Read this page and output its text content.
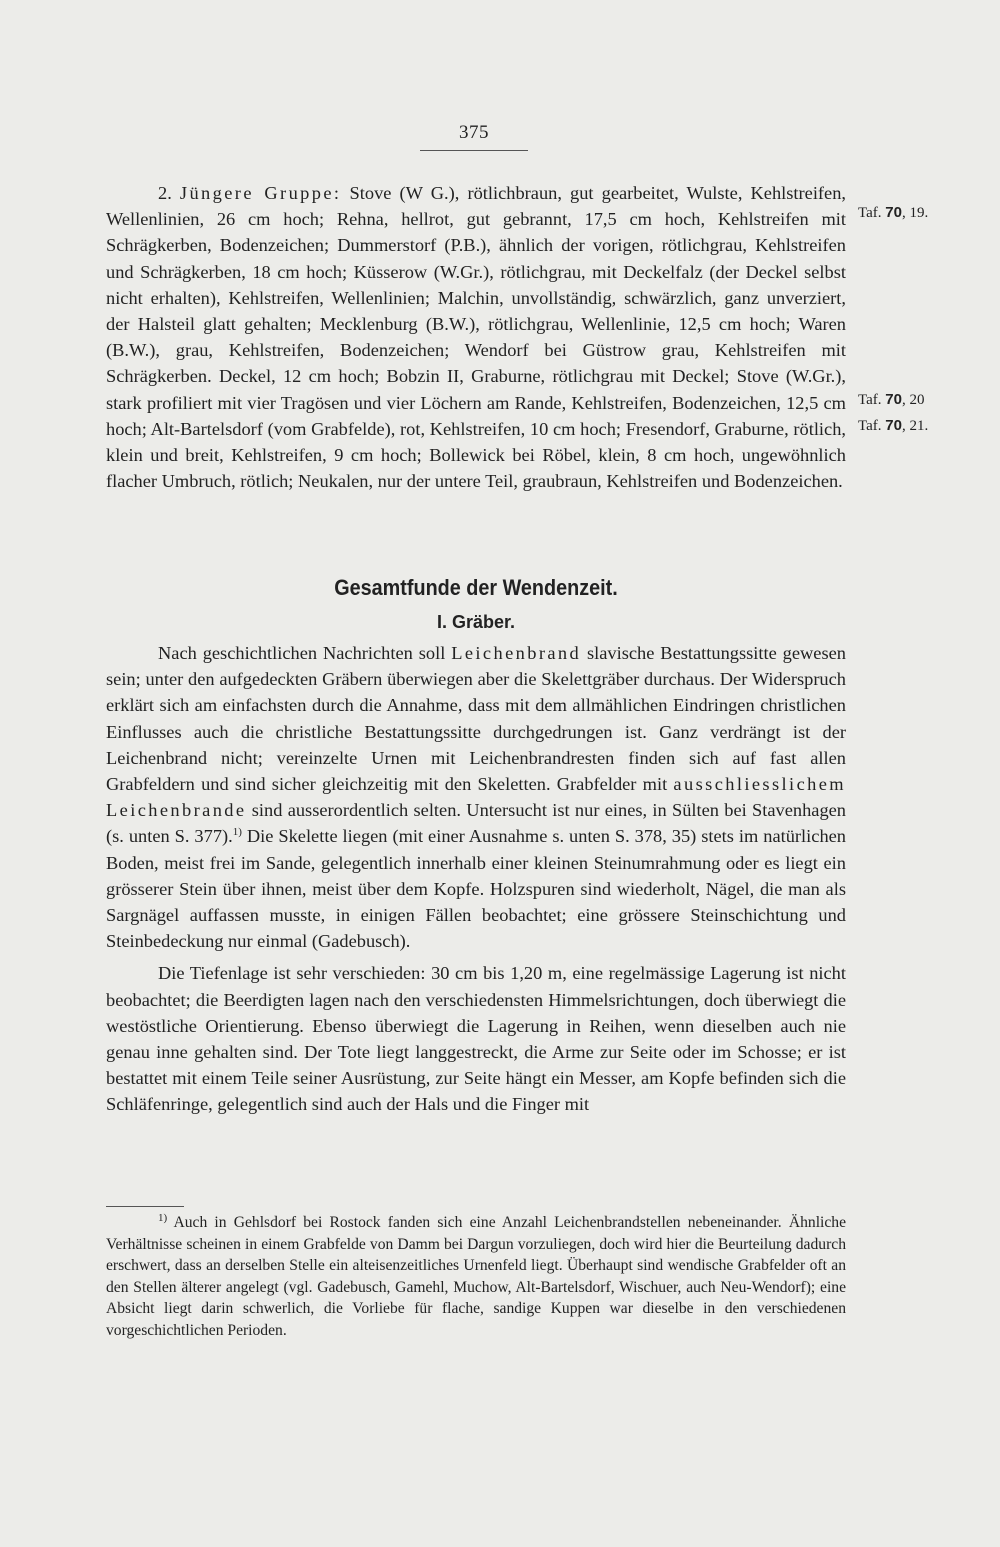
375

2. Jüngere Gruppe: Stove (W G.), rötlichbraun, gut gearbeitet, Wulste, Kehlstreifen, Wellenlinien, 26 cm hoch; Rehna, hellrot, gut gebrannt, 17,5 cm hoch, Kehlstreifen mit Schrägkerben, Bodenzeichen; Dummerstorf (P.B.), ähnlich der vorigen, rötlichgrau, Kehlstreifen und Schrägkerben, 18 cm hoch; Küsserow (W.Gr.), rötlichgrau, mit Deckelfalz (der Deckel selbst nicht erhalten), Kehlstreifen, Wellenlinien; Malchin, unvollständig, schwärzlich, ganz unverziert, der Halsteil glatt gehalten; Mecklenburg (B.W.), rötlichgrau, Wellenlinie, 12,5 cm hoch; Waren (B.W.), grau, Kehlstreifen, Bodenzeichen; Wendorf bei Güstrow grau, Kehlstreifen mit Schrägkerben. Deckel, 12 cm hoch; Bobzin II, Graburne, rötlichgrau mit Deckel; Stove (W.Gr.), stark profiliert mit vier Tragösen und vier Löchern am Rande, Kehlstreifen, Bodenzeichen, 12,5 cm hoch; Alt-Bartelsdorf (vom Grabfelde), rot, Kehlstreifen, 10 cm hoch; Fresendorf, Graburne, rötlich, klein und breit, Kehlstreifen, 9 cm hoch; Bollewick bei Röbel, klein, 8 cm hoch, ungewöhnlich flacher Umbruch, rötlich; Neukalen, nur der untere Teil, graubraun, Kehlstreifen und Bodenzeichen.

Taf. 70, 19.
Taf. 70, 20
Taf. 70, 21.
Gesamtfunde der Wendenzeit.
I. Gräber.

Nach geschichtlichen Nachrichten soll Leichenbrand slavische Bestattungssitte gewesen sein; unter den aufgedeckten Gräbern überwiegen aber die Skelettgräber durchaus. Der Widerspruch erklärt sich am einfachsten durch die Annahme, dass mit dem allmählichen Eindringen christlichen Einflusses auch die christliche Bestattungssitte durchgedrungen ist. Ganz verdrängt ist der Leichenbrand nicht; vereinzelte Urnen mit Leichenbrandresten finden sich auf fast allen Grabfeldern und sind sicher gleichzeitig mit den Skeletten. Grabfelder mit ausschliesslichem Leichenbrande sind ausserordentlich selten. Untersucht ist nur eines, in Sülten bei Stavenhagen (s. unten S. 377).$^{1)}$ Die Skelette liegen (mit einer Ausnahme s. unten S. 378, 35) stets im natürlichen Boden, meist frei im Sande, gelegentlich innerhalb einer kleinen Steinumrahmung oder es liegt ein grösserer Stein über ihnen, meist über dem Kopfe. Holzspuren sind wiederholt, Nägel, die man als Sargnägel auffassen musste, in einigen Fällen beobachtet; eine grössere Steinschichtung und Steinbedeckung nur einmal (Gadebusch).

Die Tiefenlage ist sehr verschieden: 30 cm bis 1,20 m, eine regelmässige Lagerung ist nicht beobachtet; die Beerdigten lagen nach den verschiedensten Himmelsrichtungen, doch überwiegt die westöstliche Orientierung. Ebenso überwiegt die Lagerung in Reihen, wenn dieselben auch nie genau inne gehalten sind. Der Tote liegt langgestreckt, die Arme zur Seite oder im Schosse; er ist bestattet mit einem Teile seiner Ausrüstung, zur Seite hängt ein Messer, am Kopfe befinden sich die Schläfenringe, gelegentlich sind auch der Hals und die Finger mit

$^{1)}$ Auch in Gehlsdorf bei Rostock fanden sich eine Anzahl Leichenbrandstellen nebeneinander. Ähnliche Verhältnisse scheinen in einem Grabfelde von Damm bei Dargun vorzuliegen, doch wird hier die Beurteilung dadurch erschwert, dass an derselben Stelle ein alteisenzeitliches Urnenfeld liegt. Überhaupt sind wendische Grabfelder oft an den Stellen älterer angelegt (vgl. Gadebusch, Gamehl, Muchow, Alt-Bartelsdorf, Wischuer, auch Neu-Wendorf); eine Absicht liegt darin schwerlich, die Vorliebe für flache, sandige Kuppen war dieselbe in den verschiedenen vorgeschichtlichen Perioden.
